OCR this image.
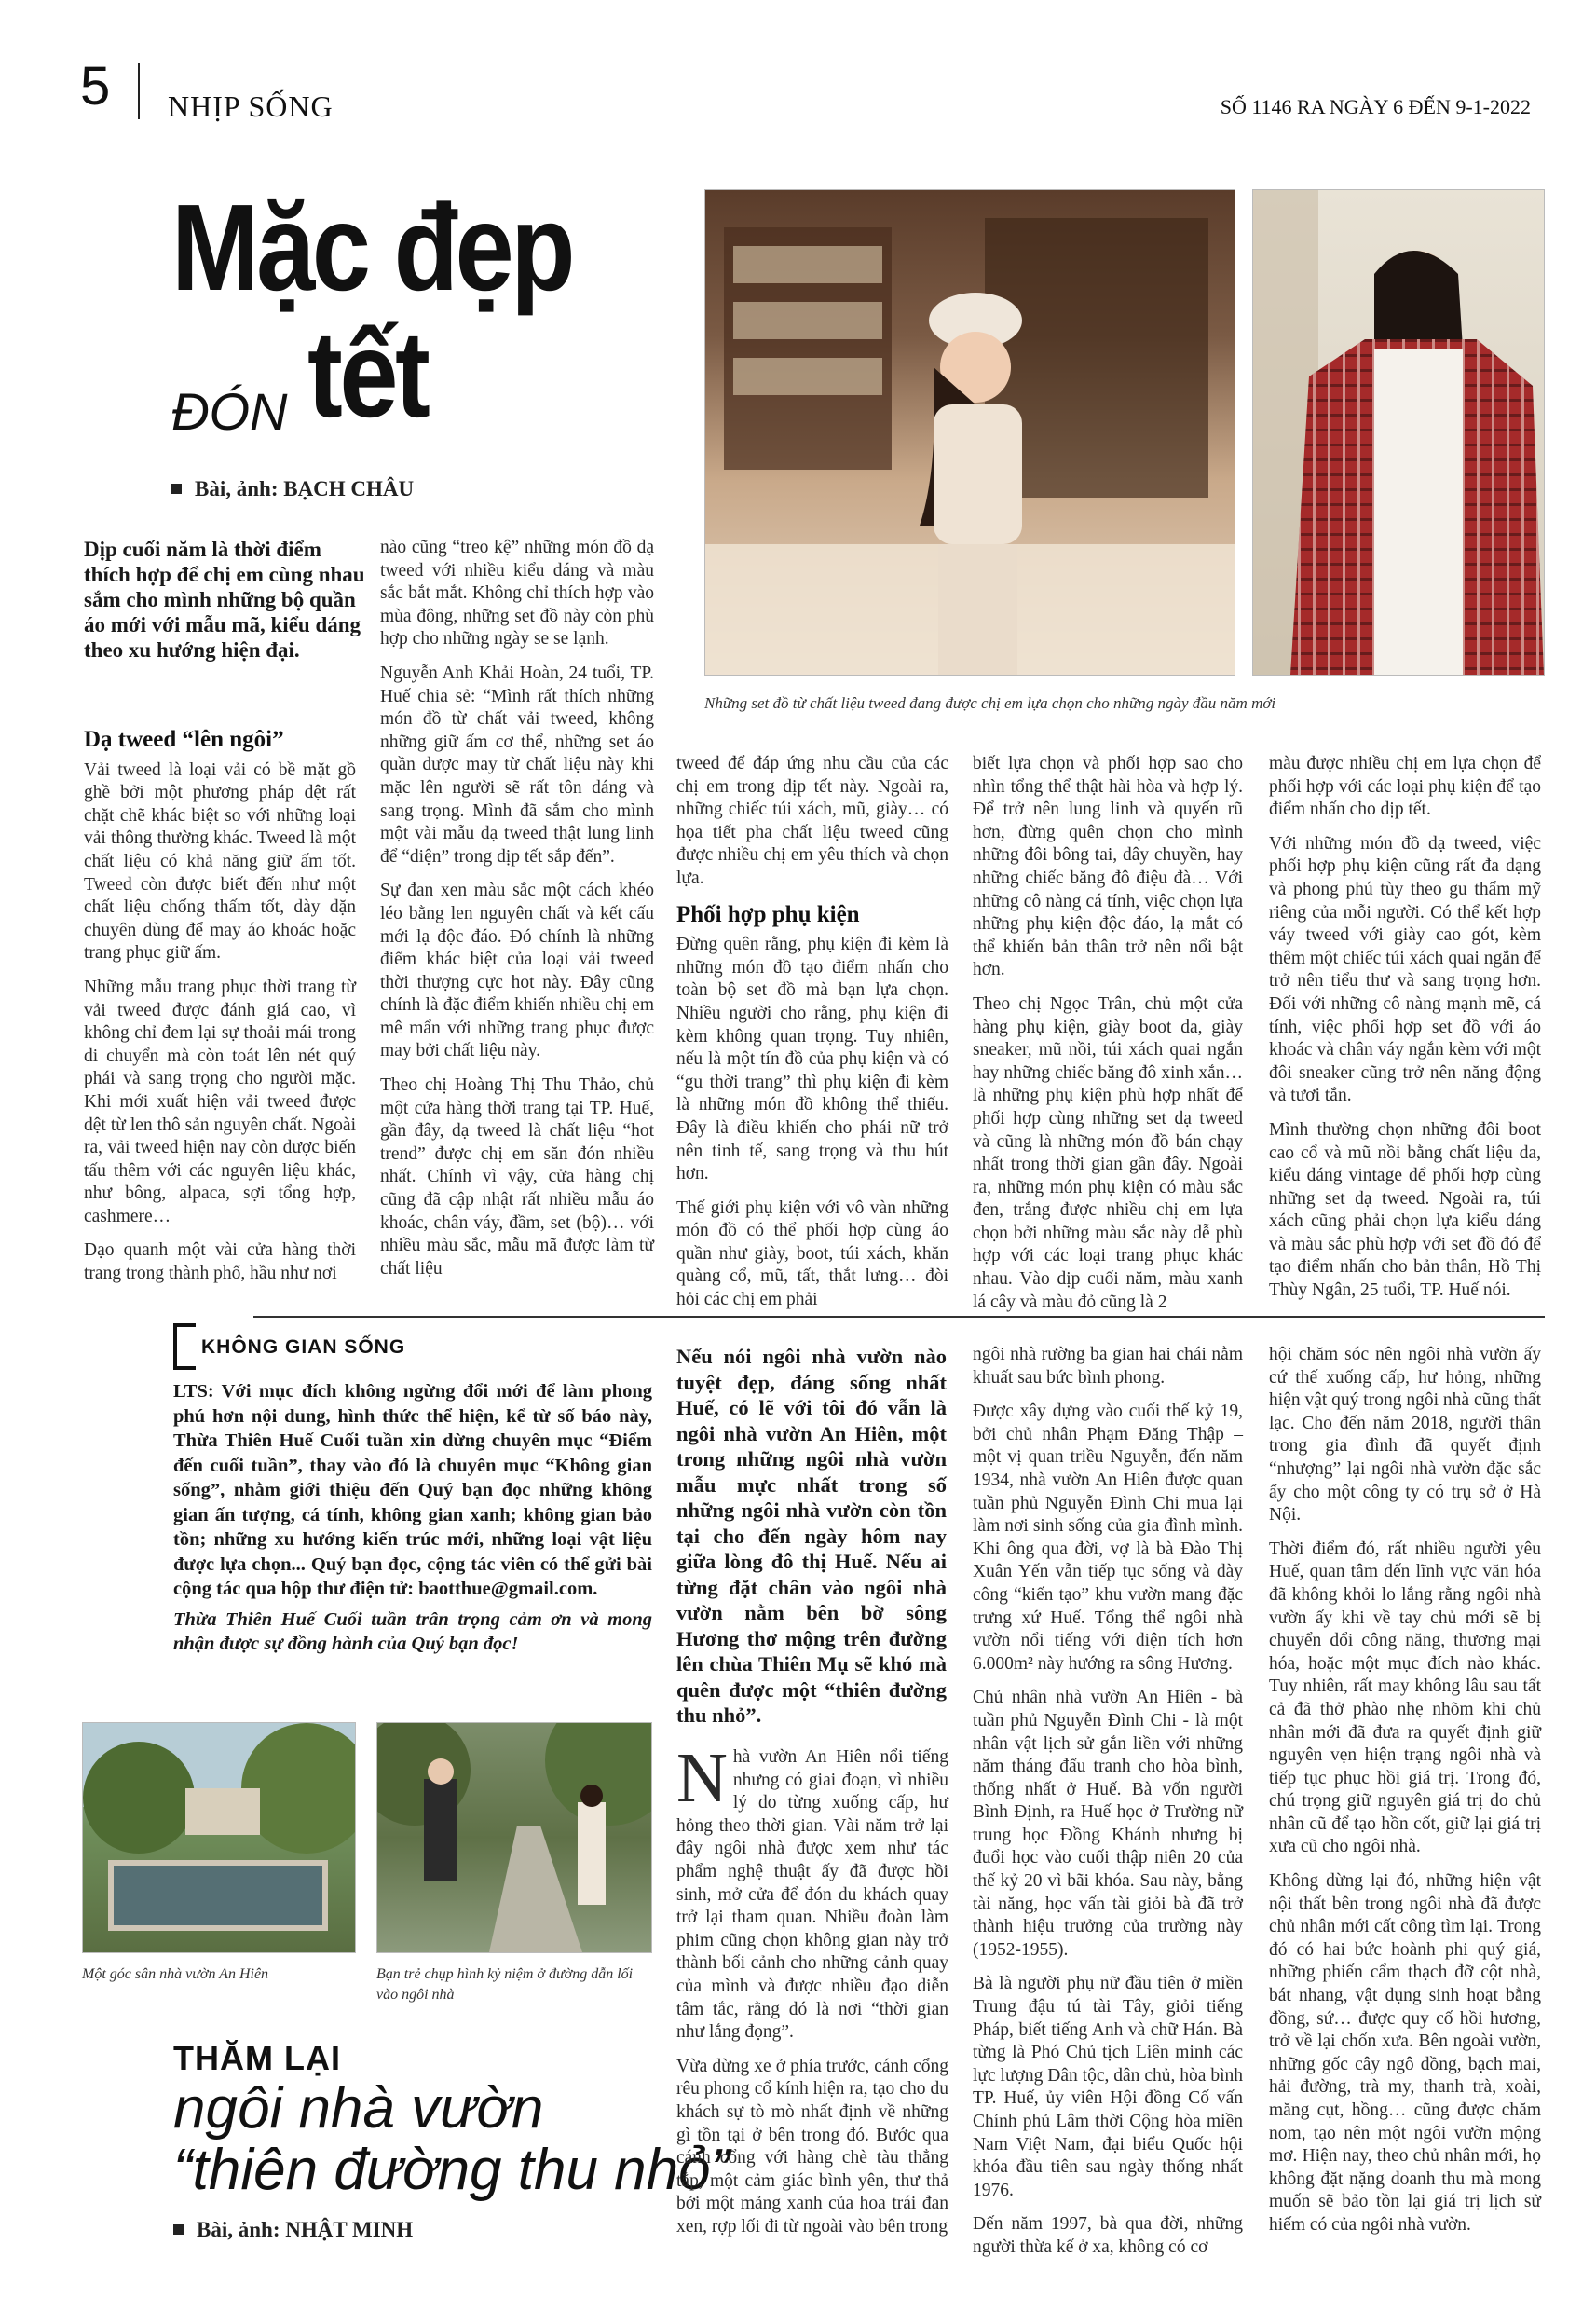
5 NHỊP SỐNG	SỐ 1146 RA NGÀY 6 ĐẾN 9-1-2022
Mặc đẹp
ĐÓN tết
Bài, ảnh: BẠCH CHÂU
Những set đồ từ chất liệu tweed đang được chị em lựa chọn cho những ngày đầu năm mới
Dịp cuối năm là thời điểm thích hợp để chị em cùng nhau sắm cho mình những bộ quần áo mới với mẫu mã, kiểu dáng theo xu hướng hiện đại.
Dạ tweed “lên ngôi”

Vải tweed là loại vải có bề mặt gồ ghề bởi một phương pháp dệt rất chặt chẽ khác biệt so với những loại vải thông thường khác. Tweed là một chất liệu có khả năng giữ ấm tốt. Tweed còn được biết đến như một chất liệu chống thấm tốt, dày dặn chuyên dùng để may áo khoác hoặc trang phục giữ ấm.

Những mẫu trang phục thời trang từ vải tweed được đánh giá cao, vì không chỉ đem lại sự thoải mái trong di chuyển mà còn toát lên nét quý phái và sang trọng cho người mặc. Khi mới xuất hiện vải tweed được dệt từ len thô sản nguyên chất. Ngoài ra, vải tweed hiện nay còn được biến tấu thêm với các nguyên liệu khác, như bông, alpaca, sợi tổng hợp, cashmere…

Dạo quanh một vài cửa hàng thời trang trong thành phố, hầu như nơi

nào cũng “treo kệ” những món đồ dạ tweed với nhiều kiểu dáng và màu sắc bắt mắt. Không chỉ thích hợp vào mùa đông, những set đồ này còn phù hợp cho những ngày se se lạnh.

Nguyễn Anh Khải Hoàn, 24 tuổi, TP. Huế chia sẻ: “Mình rất thích những món đồ từ chất vải tweed, không những giữ ấm cơ thể, những set áo quần được may từ chất liệu này khi mặc lên người sẽ rất tôn dáng và sang trọng. Mình đã sắm cho mình một vài mẫu dạ tweed thật lung linh để “diện” trong dịp tết sắp đến”.

Sự đan xen màu sắc một cách khéo léo bằng len nguyên chất và kết cấu mới lạ độc đáo. Đó chính là những điểm khác biệt của loại vải tweed thời thượng cực hot này. Đây cũng chính là đặc điểm khiến nhiều chị em mê mẩn với những trang phục được may bởi chất liệu này.

Theo chị Hoàng Thị Thu Thảo, chủ một cửa hàng thời trang tại TP. Huế, gần đây, dạ tweed là chất liệu “hot trend” được chị em săn đón nhiều nhất. Chính vì vậy, cửa hàng chị cũng đã cập nhật rất nhiều mẫu áo khoác, chân váy, đầm, set (bộ)… với nhiều màu sắc, mẫu mã được làm từ chất liệu

tweed để đáp ứng nhu cầu của các chị em trong dịp tết này. Ngoài ra, những chiếc túi xách, mũ, giày… có họa tiết pha chất liệu tweed cũng được nhiều chị em yêu thích và chọn lựa.

Phối hợp phụ kiện

Đừng quên rằng, phụ kiện đi kèm là những món đồ tạo điểm nhấn cho toàn bộ set đồ mà bạn lựa chọn. Nhiều người cho rằng, phụ kiện đi kèm không quan trọng. Tuy nhiên, nếu là một tín đồ của phụ kiện và có “gu thời trang” thì phụ kiện đi kèm là những món đồ không thể thiếu. Đây là điều khiến cho phái nữ trở nên tinh tế, sang trọng và thu hút hơn.

Thế giới phụ kiện với vô vàn những món đồ có thể phối hợp cùng áo quần như giày, boot, túi xách, khăn quàng cổ, mũ, tất, thắt lưng… đòi hỏi các chị em phải

biết lựa chọn và phối hợp sao cho nhìn tổng thể thật hài hòa và hợp lý. Để trở nên lung linh và quyến rũ hơn, đừng quên chọn cho mình những đôi bông tai, dây chuyền, hay những chiếc băng đô điệu đà… Với những cô nàng cá tính, việc chọn lựa những phụ kiện độc đáo, lạ mắt có thể khiến bản thân trở nên nổi bật hơn.

Theo chị Ngọc Trân, chủ một cửa hàng phụ kiện, giày boot da, giày sneaker, mũ nồi, túi xách quai ngắn hay những chiếc băng đô xinh xắn… là những phụ kiện phù hợp nhất để phối hợp cùng những set dạ tweed và cũng là những món đồ bán chạy nhất trong thời gian gần đây. Ngoài ra, những món phụ kiện có màu sắc đen, trắng được nhiều chị em lựa chọn bởi những màu sắc này dễ phù hợp với các loại trang phục khác nhau. Vào dịp cuối năm, màu xanh lá cây và màu đỏ cũng là 2

màu được nhiều chị em lựa chọn để phối hợp với các loại phụ kiện để tạo điểm nhấn cho dịp tết.

Với những món đồ dạ tweed, việc phối hợp phụ kiện cũng rất đa dạng và phong phú tùy theo gu thẩm mỹ riêng của mỗi người. Có thể kết hợp váy tweed với giày cao gót, kèm thêm một chiếc túi xách quai ngắn để trở nên tiểu thư và sang trọng hơn. Đối với những cô nàng mạnh mẽ, cá tính, việc phối hợp set đồ với áo khoác và chân váy ngắn kèm với một đôi sneaker cũng trở nên năng động và tươi tắn.

Mình thường chọn những đôi boot cao cổ và mũ nồi bằng chất liệu da, kiểu dáng vintage để phối hợp cùng những set dạ tweed. Ngoài ra, túi xách cũng phải chọn lựa kiểu dáng và màu sắc phù hợp với set đồ đó để tạo điểm nhấn cho bản thân, Hồ Thị Thùy Ngân, 25 tuổi, TP. Huế nói.

KHÔNG GIAN SỐNG

LTS: Với mục đích không ngừng đổi mới để làm phong phú hơn nội dung, hình thức thể hiện, kể từ số báo này, Thừa Thiên Huế Cuối tuần xin dừng chuyên mục “Điểm đến cuối tuần”, thay vào đó là chuyên mục “Không gian sống”, nhằm giới thiệu đến Quý bạn đọc những không gian ấn tượng, cá tính, không gian xanh; không gian bảo tồn; những xu hướng kiến trúc mới, những loại vật liệu được lựa chọn... Quý bạn đọc, cộng tác viên có thể gửi bài cộng tác qua hộp thư điện tử: baotthue@gmail.com.

Thừa Thiên Huế Cuối tuần trân trọng cảm ơn và mong nhận được sự đồng hành của Quý bạn đọc!

Một góc sân nhà vườn An Hiên	Bạn trẻ chụp hình kỷ niệm ở đường dẫn lối vào ngôi nhà
THĂM LẠI
ngôi nhà vườn
“thiên đường thu nhỏ”
Bài, ảnh: NHẬT MINH
Nếu nói ngôi nhà vườn nào tuyệt đẹp, đáng sống nhất Huế, có lẽ với tôi đó vẫn là ngôi nhà vườn An Hiên, một trong những ngôi nhà vườn mẫu mực nhất trong số những ngôi nhà vườn còn tồn tại cho đến ngày hôm nay giữa lòng đô thị Huế. Nếu ai từng đặt chân vào ngôi nhà vườn nằm bên bờ sông Hương thơ mộng trên đường lên chùa Thiên Mụ sẽ khó mà quên được một “thiên đường thu nhỏ”.

Nhà vườn An Hiên nổi tiếng nhưng có giai đoạn, vì nhiều lý do từng xuống cấp, hư hỏng theo thời gian. Vài năm trở lại đây ngôi nhà được xem như tác phẩm nghệ thuật ấy đã được hồi sinh, mở cửa để đón du khách quay trở lại tham quan. Nhiều đoàn làm phim cũng chọn không gian này trở thành bối cảnh cho những cảnh quay của mình và được nhiều đạo diễn tâm tắc, rằng đó là nơi “thời gian như lắng đọng”.

Vừa dừng xe ở phía trước, cánh cổng rêu phong cổ kính hiện ra, tạo cho du khách sự tò mò nhất định về những gì tồn tại ở bên trong đó. Bước qua cánh cổng với hàng chè tàu thẳng tắp, một cảm giác bình yên, thư thả bởi một mảng xanh của hoa trái đan xen, rợp lối đi từ ngoài vào bên trong

ngôi nhà rường ba gian hai chái nằm khuất sau bức bình phong.

Được xây dựng vào cuối thế kỷ 19, bởi chủ nhân Phạm Đăng Thập – một vị quan triều Nguyễn, đến năm 1934, nhà vườn An Hiên được quan tuần phủ Nguyễn Đình Chi mua lại làm nơi sinh sống của gia đình mình. Khi ông qua đời, vợ là bà Đào Thị Xuân Yến vẫn tiếp tục sống và dày công “kiến tạo” khu vườn mang đặc trưng xứ Huế. Tổng thể ngôi nhà vườn nổi tiếng với diện tích hơn 6.000m² này hướng ra sông Hương.

Chủ nhân nhà vườn An Hiên - bà tuần phủ Nguyễn Đình Chi - là một nhân vật lịch sử gắn liền với những năm tháng đấu tranh cho hòa bình, thống nhất ở Huế. Bà vốn người Bình Định, ra Huế học ở Trường nữ trung học Đồng Khánh nhưng bị đuổi học vào cuối thập niên 20 của thế kỷ 20 vì bãi khóa. Sau này, bằng tài năng, học vấn tài giỏi bà đã trở thành hiệu trưởng của trường này (1952-1955).

Bà là người phụ nữ đầu tiên ở miền Trung đậu tú tài Tây, giỏi tiếng Pháp, biết tiếng Anh và chữ Hán. Bà từng là Phó Chủ tịch Liên minh các lực lượng Dân tộc, dân chủ, hòa bình TP. Huế, ủy viên Hội đồng Cố vấn Chính phủ Lâm thời Cộng hòa miền Nam Việt Nam, đại biểu Quốc hội khóa đầu tiên sau ngày thống nhất 1976.

Đến năm 1997, bà qua đời, những người thừa kế ở xa, không có cơ

hội chăm sóc nên ngôi nhà vườn ấy cứ thế xuống cấp, hư hỏng, những hiện vật quý trong ngôi nhà cũng thất lạc. Cho đến năm 2018, người thân trong gia đình đã quyết định “nhượng” lại ngôi nhà vườn đặc sắc ấy cho một công ty có trụ sở ở Hà Nội.

Thời điểm đó, rất nhiều người yêu Huế, quan tâm đến lĩnh vực văn hóa đã không khỏi lo lắng rằng ngôi nhà vườn ấy khi về tay chủ mới sẽ bị chuyển đổi công năng, thương mại hóa, hoặc một mục đích nào khác. Tuy nhiên, rất may không lâu sau tất cả đã thở phào nhẹ nhõm khi chủ nhân mới đã đưa ra quyết định giữ nguyên vẹn hiện trạng ngôi nhà và tiếp tục phục hồi giá trị. Trong đó, chú trọng giữ nguyên giá trị do chủ nhân cũ để tạo hồn cốt, giữ lại giá trị xưa cũ cho ngôi nhà.

Không dừng lại đó, những hiện vật nội thất bên trong ngôi nhà đã được chủ nhân mới cất công tìm lại. Trong đó có hai bức hoành phi quý giá, những phiến cẩm thạch đỡ cột nhà, bát nhang, vật dụng sinh hoạt bằng đồng, sứ… được quy cố hồi hương, trở về lại chốn xưa. Bên ngoài vườn, những gốc cây ngô đồng, bạch mai, hải đường, trà my, thanh trà, xoài, măng cụt, hồng… cũng được chăm nom, tạo nên một ngôi vườn mộng mơ. Hiện nay, theo chủ nhân mới, họ không đặt nặng doanh thu mà mong muốn sẽ bảo tồn lại giá trị lịch sử hiếm có của ngôi nhà vườn.
